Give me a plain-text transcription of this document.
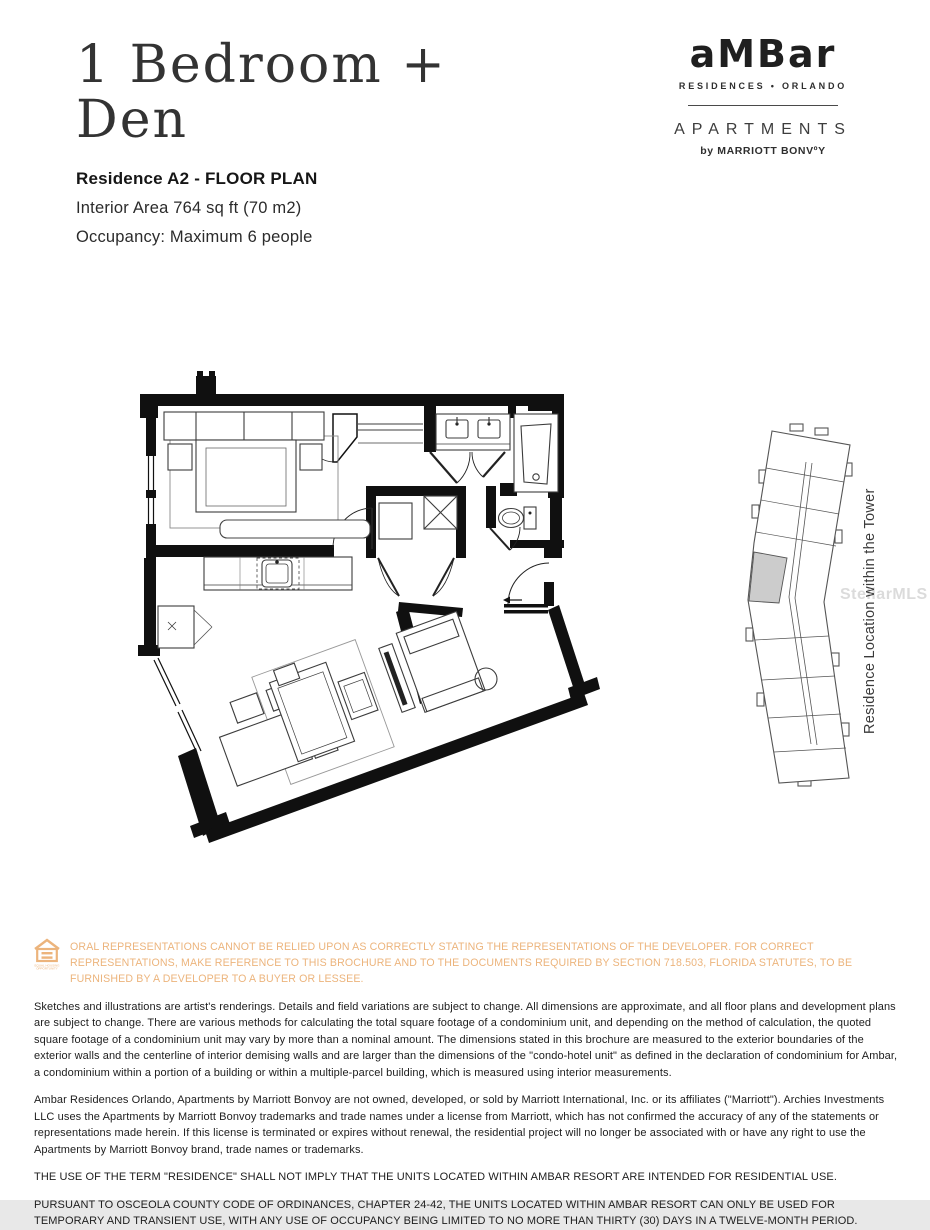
1 Bedroom + Den
Residence A2 - FLOOR PLAN
Interior Area 764 sq ft (70 m2)
Occupancy: Maximum 6 people
aMBar
RESIDENCES • ORLANDO
APARTMENTS
by MARRIOTT BONVºY
StellarMLS
Residence Location within the Tower
EQUAL HOUSING
OPPORTUNITY

ORAL REPRESENTATIONS CANNOT BE RELIED UPON AS CORRECTLY STATING THE REPRESENTATIONS OF THE DEVELOPER. FOR CORRECT REPRESENTATIONS, MAKE REFERENCE TO THIS BROCHURE AND TO THE DOCUMENTS REQUIRED BY SECTION 718.503, FLORIDA STATUTES, TO BE FURNISHED BY A DEVELOPER TO A BUYER OR LESSEE.

Sketches and illustrations are artist's renderings. Details and field variations are subject to change. All dimensions are approximate, and all floor plans and development plans are subject to change. There are various methods for calculating the total square footage of a condominium unit, and depending on the method of calculation, the quoted square footage of a condominium unit may vary by more than a nominal amount. The dimensions stated in this brochure are measured to the exterior boundaries of the exterior walls and the centerline of interior demising walls and are larger than the dimensions of the "condo-hotel unit" as defined in the declaration of condominium for Ambar, a condominium within a portion of a building or within a multiple-parcel building, which is measured using interior measurements.

Ambar Residences Orlando, Apartments by Marriott Bonvoy are not owned, developed, or sold by Marriott International, Inc. or its affiliates ("Marriott"). Archies Investments LLC uses the Apartments by Marriott Bonvoy trademarks and trade names under a license from Marriott, which has not confirmed the accuracy of any of the statements or representations made herein. If this license is terminated or expires without renewal, the residential project will no longer be associated with or have any right to use the Apartments by Marriott Bonvoy brand, trade names or trademarks.

THE USE OF THE TERM "RESIDENCE" SHALL NOT IMPLY THAT THE UNITS LOCATED WITHIN AMBAR RESORT ARE INTENDED FOR RESIDENTIAL USE.

PURSUANT TO OSCEOLA COUNTY CODE OF ORDINANCES, CHAPTER 24-42, THE UNITS LOCATED WITHIN AMBAR RESORT CAN ONLY BE USED FOR TEMPORARY AND TRANSIENT USE, WITH ANY USE OF OCCUPANCY BEING LIMITED TO NO MORE THAN THIRTY (30) DAYS IN A TWELVE-MONTH PERIOD.
